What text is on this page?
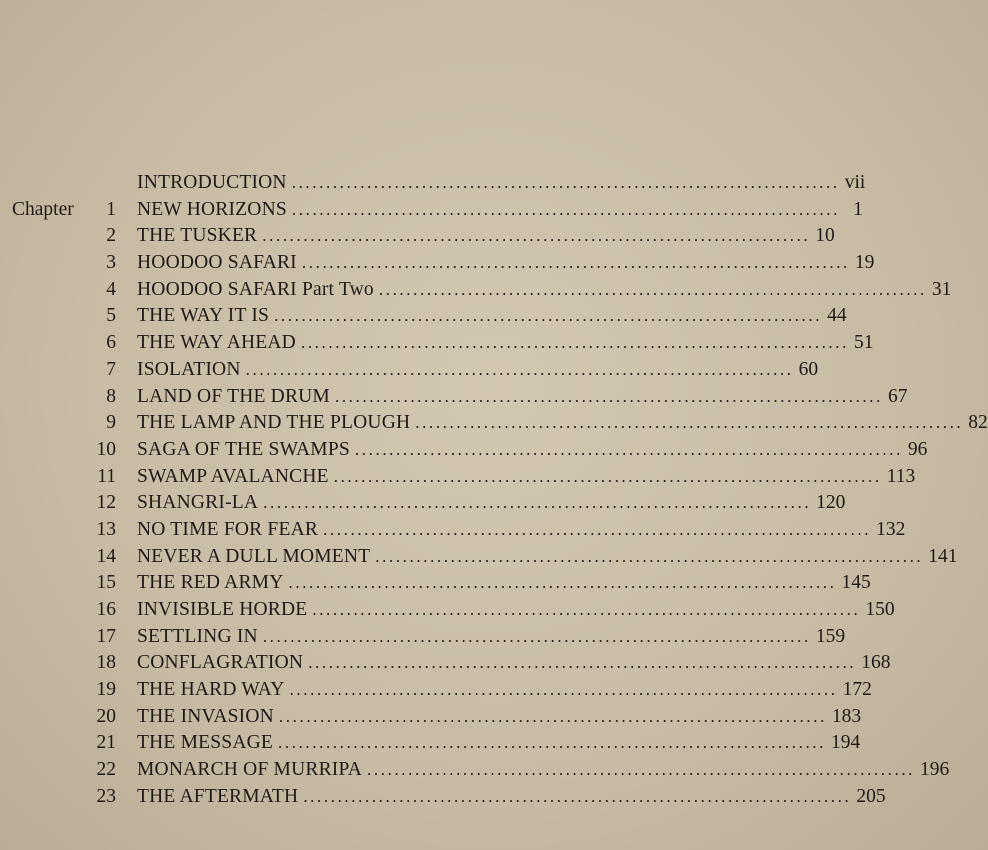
INTRODUCTION ................................................................................ vii
Chapter	1 NEW HORIZONS ................................................................................ 1
2 THE TUSKER ................................................................................ 10
3 HOODOO SAFARI ................................................................................ 19
4 HOODOO SAFARI Part Two ................................................................................ 31
5 THE WAY IT IS ................................................................................ 44
6 THE WAY AHEAD ................................................................................ 51
7 ISOLATION ................................................................................ 60
8 LAND OF THE DRUM ................................................................................ 67
9 THE LAMP AND THE PLOUGH ................................................................................ 82
10 SAGA OF THE SWAMPS ................................................................................ 96
11 SWAMP AVALANCHE ................................................................................ 113
12 SHANGRI-LA ................................................................................ 120
13 NO TIME FOR FEAR ................................................................................ 132
14 NEVER A DULL MOMENT ................................................................................ 141
15 THE RED ARMY ................................................................................ 145
16 INVISIBLE HORDE ................................................................................ 150
17 SETTLING IN ................................................................................ 159
18 CONFLAGRATION ................................................................................ 168
19 THE HARD WAY ................................................................................ 172
20 THE INVASION ................................................................................ 183
21 THE MESSAGE ................................................................................ 194
22 MONARCH OF MURRIPA ................................................................................ 196
23 THE AFTERMATH ................................................................................ 205
